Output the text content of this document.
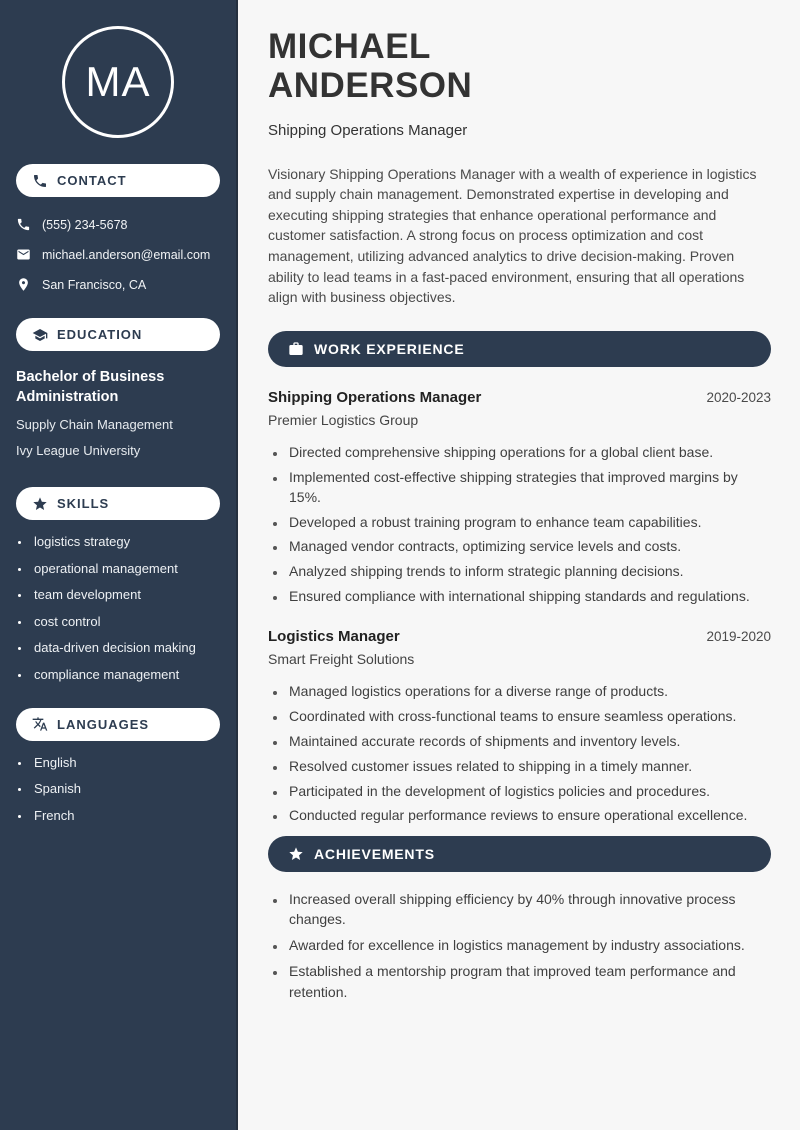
MA
CONTACT
(555) 234-5678
michael.anderson@email.com
San Francisco, CA
EDUCATION
Bachelor of Business Administration
Supply Chain Management
Ivy League University
SKILLS
• logistics strategy
• operational management
• team development
• cost control
• data-driven decision making
• compliance management
LANGUAGES
• English
• Spanish
• French
MICHAEL
ANDERSON
Shipping Operations Manager

Visionary Shipping Operations Manager with a wealth of experience in logistics and supply chain management. Demonstrated expertise in developing and executing shipping strategies that enhance operational performance and customer satisfaction. A strong focus on process optimization and cost management, utilizing advanced analytics to drive decision-making. Proven ability to lead teams in a fast-paced environment, ensuring that all operations align with business objectives.

WORK EXPERIENCE
Shipping Operations Manager	2020-2023
Premier Logistics Group
• Directed comprehensive shipping operations for a global client base.
• Implemented cost-effective shipping strategies that improved margins by 15%.
• Developed a robust training program to enhance team capabilities.
• Managed vendor contracts, optimizing service levels and costs.
• Analyzed shipping trends to inform strategic planning decisions.
• Ensured compliance with international shipping standards and regulations.
Logistics Manager	2019-2020
Smart Freight Solutions
• Managed logistics operations for a diverse range of products.
• Coordinated with cross-functional teams to ensure seamless operations.
• Maintained accurate records of shipments and inventory levels.
• Resolved customer issues related to shipping in a timely manner.
• Participated in the development of logistics policies and procedures.
• Conducted regular performance reviews to ensure operational excellence.
ACHIEVEMENTS
• Increased overall shipping efficiency by 40% through innovative process changes.
• Awarded for excellence in logistics management by industry associations.
• Established a mentorship program that improved team performance and retention.
